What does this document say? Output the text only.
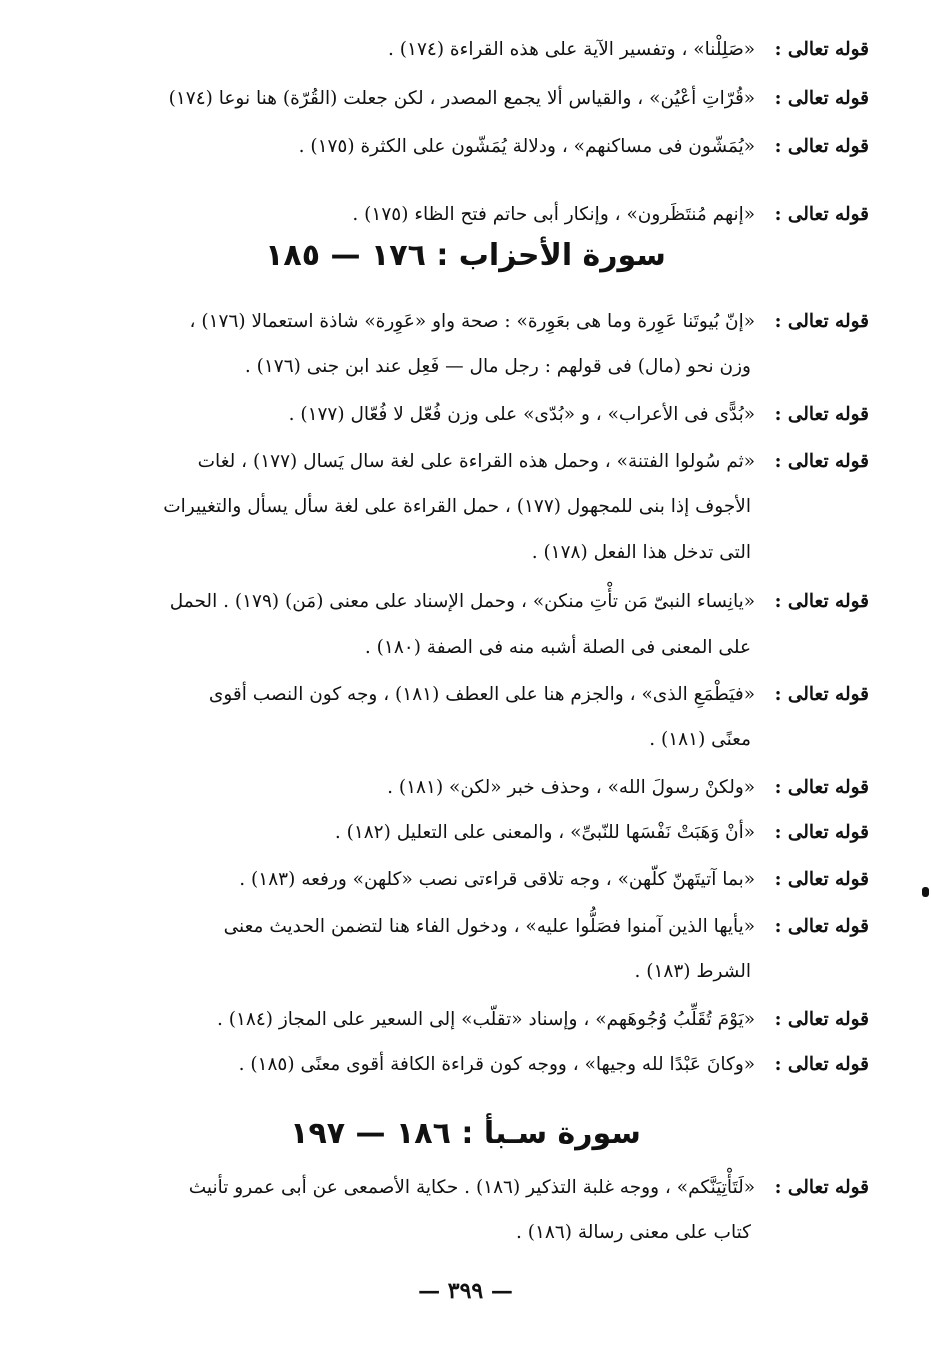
قوله تعالى : «صَلِلْنا» ، وتفسير الآية على هذه القراءة (١٧٤) .
قوله تعالى : «قُرّاتِ أعْيُن» ، والقياس ألا يجمع المصدر ، لكن جعلت (القُرّة) هنا نوعا (١٧٤)
قوله تعالى : «يُمَشّون فى مساكنهم» ، ودلالة يُمَشّون على الكثرة (١٧٥) .
قوله تعالى : «إنهم مُنتَظَرون» ، وإنكار أبى حاتم فتح الظاء (١٧٥) .
سورة الأحزاب : ١٧٦ — ١٨٥
قوله تعالى : «إنّ بُيوتَنا عَوِرة وما هى بعَوِرة» : صحة واو «عَوِرة» شاذة استعمالا (١٧٦) ،
وزن نحو (مال) فى قولهم : رجل مال — فَعِل عند ابن جنى (١٧٦) .
قوله تعالى : «بُدًّى فى الأعراب» ، و «بُدّى» على وزن فُعّل لا فُعّال (١٧٧) .
قوله تعالى : «ثم سُولوا الفتنة» ، وحمل هذه القراءة على لغة سال يَسال (١٧٧) ، لغات
الأجوف إذا بنى للمجهول (١٧٧) ، حمل القراءة على لغة سأل يسأل والتغييرات
التى تدخل هذا الفعل (١٧٨) .
قوله تعالى : «يانِساء النبىّ مَن تأْتِ منكن» ، وحمل الإسناد على معنى (مَن) (١٧٩) . الحمل
على المعنى فى الصلة أشبه منه فى الصفة (١٨٠) .
قوله تعالى : «فيَطْمَعِ الذى» ، والجزم هنا على العطف (١٨١) ، وجه كون النصب أقوى
معنًى (١٨١) .
قوله تعالى : «ولكنْ رسولَ الله» ، وحذف خبر «لكن» (١٨١) .
قوله تعالى : «أنْ وَهَبَتْ نَفْسَها للنّبىِّ» ، والمعنى على التعليل (١٨٢) .
قوله تعالى : «بما آتيتَهنّ كلّهن» ، وجه تلاقى قراءتى نصب «كلهن» ورفعه (١٨٣) .
قوله تعالى : «يأيها الذين آمنوا فصَلُّوا عليه» ، ودخول الفاء هنا لتضمن الحديث معنى
الشرط (١٨٣) .
قوله تعالى : «يَوْمَ تُقَلِّبُ وُجُوهَهم» ، وإسناد «تقلّب» إلى السعير على المجاز (١٨٤) .
قوله تعالى : «وكانَ عَبْدًا لله وجيها» ، ووجه كون قراءة الكافة أقوى معنًى (١٨٥) .
سورة سـبأ : ١٨٦ — ١٩٧
قوله تعالى : «لَتَأْتِيَنَّكم» ، ووجه غلبة التذكير (١٨٦) . حكاية الأصمعى عن أبى عمرو تأنيث
كتاب على معنى رسالة (١٨٦) .
— ٣٩٩ —
